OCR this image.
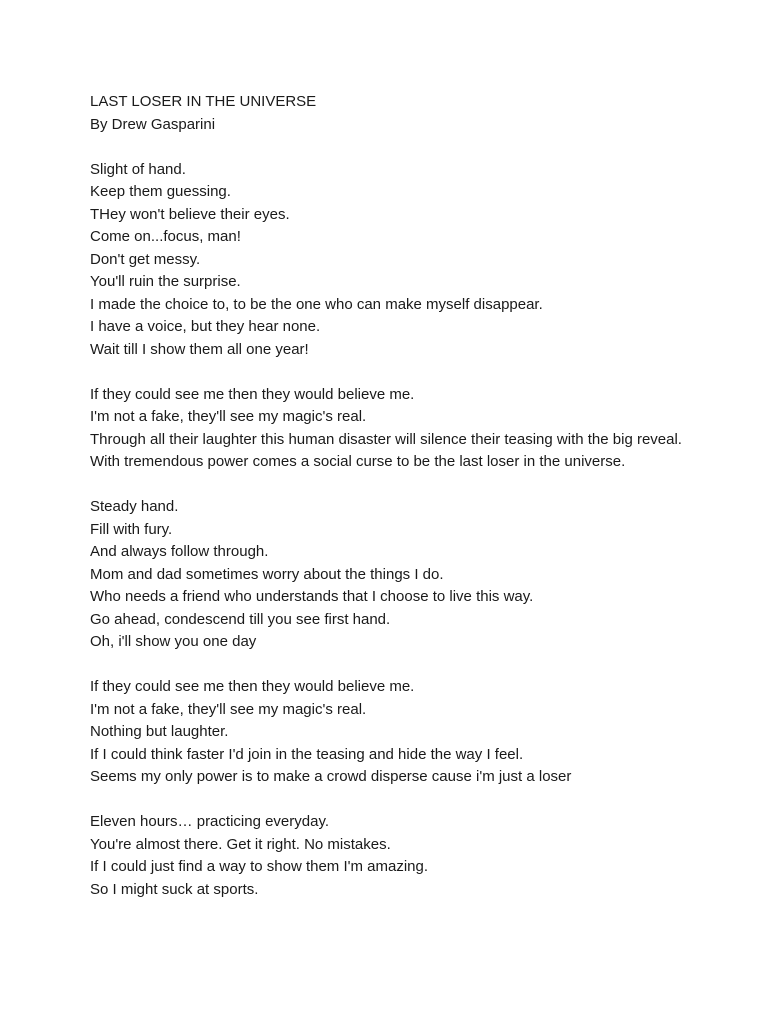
LAST LOSER IN THE UNIVERSE
By Drew Gasparini
Slight of hand.
Keep them guessing.
THey won't believe their eyes.
Come on...focus, man!
Don't get messy.
You'll ruin the surprise.
I made the choice to, to be the one who can make myself disappear.
I have a voice, but they hear none.
Wait till I show them all one year!
If they could see me then they would believe me.
I'm not a fake, they'll see my magic's real.
Through all their laughter this human disaster will silence their teasing with the big reveal.
With tremendous power comes a social curse to be the last loser in the universe.
Steady hand.
Fill with fury.
And always follow through.
Mom and dad sometimes worry about the things I do.
Who needs a friend who understands that I choose to live this way.
Go ahead, condescend till you see first hand.
Oh, i'll show you one day
If they could see me then they would believe me.
I'm not a fake, they'll see my magic's real.
Nothing but laughter.
If I could think faster I'd join in the teasing and hide the way I feel.
Seems my only power is to make a crowd disperse cause i'm just a loser
Eleven hours… practicing everyday.
You're almost there. Get it right. No mistakes.
If I could just find a way to show them I'm amazing.
So I might suck at sports.
